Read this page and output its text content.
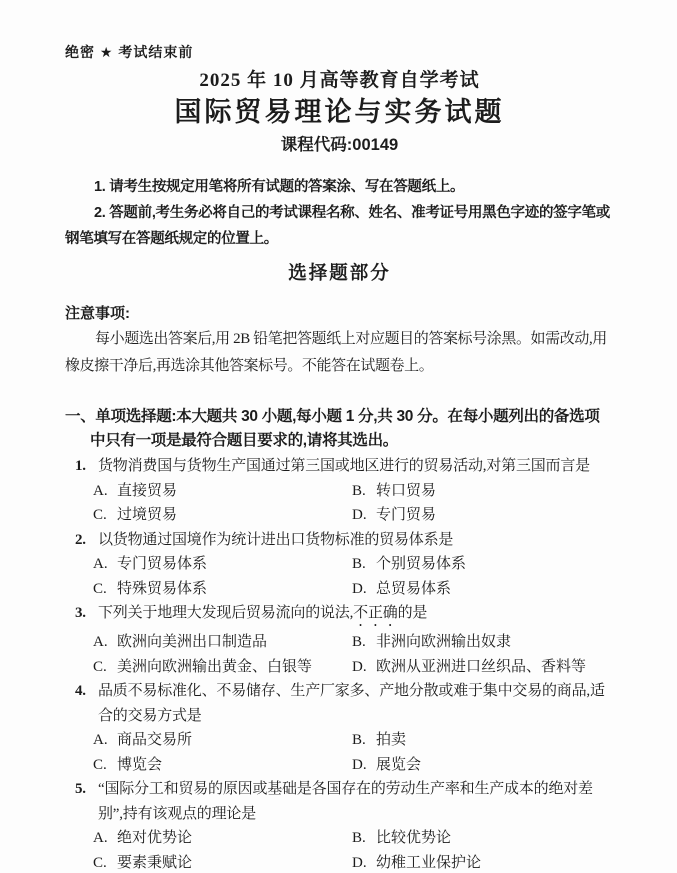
绝密 ★ 考试结束前
2025 年 10 月高等教育自学考试
国际贸易理论与实务试题
课程代码:00149

1. 请考生按规定用笔将所有试题的答案涂、写在答题纸上。

2. 答题前,考生务必将自己的考试课程名称、姓名、准考证号用黑色字迹的签字笔或钢笔填写在答题纸规定的位置上。

选择题部分
注意事项:

每小题选出答案后,用 2B 铅笔把答题纸上对应题目的答案标号涂黑。如需改动,用橡皮擦干净后,再选涂其他答案标号。不能答在试题卷上。

一、单项选择题:本大题共 30 小题,每小题 1 分,共 30 分。在每小题列出的备选项中只有一项是最符合题目要求的,请将其选出。

1. 货物消费国与货物生产国通过第三国或地区进行的贸易活动,对第三国而言是

A. 直接贸易	B. 转口贸易
C. 过境贸易	D. 专门贸易

2. 以货物通过国境作为统计进出口货物标准的贸易体系是

A. 专门贸易体系	B. 个别贸易体系
C. 特殊贸易体系	D. 总贸易体系

3. 下列关于地理大发现后贸易流向的说法,不正确的是

A. 欧洲向美洲出口制造品	B. 非洲向欧洲输出奴隶
C. 美洲向欧洲输出黄金、白银等	D. 欧洲从亚洲进口丝织品、香料等

4. 品质不易标准化、不易储存、生产厂家多、产地分散或难于集中交易的商品,适合的交易方式是

A. 商品交易所	B. 拍卖
C. 博览会	D. 展览会

5. “国际分工和贸易的原因或基础是各国存在的劳动生产率和生产成本的绝对差别”,持有该观点的理论是

A. 绝对优势论	B. 比较优势论
C. 要素秉赋论	D. 幼稚工业保护论
